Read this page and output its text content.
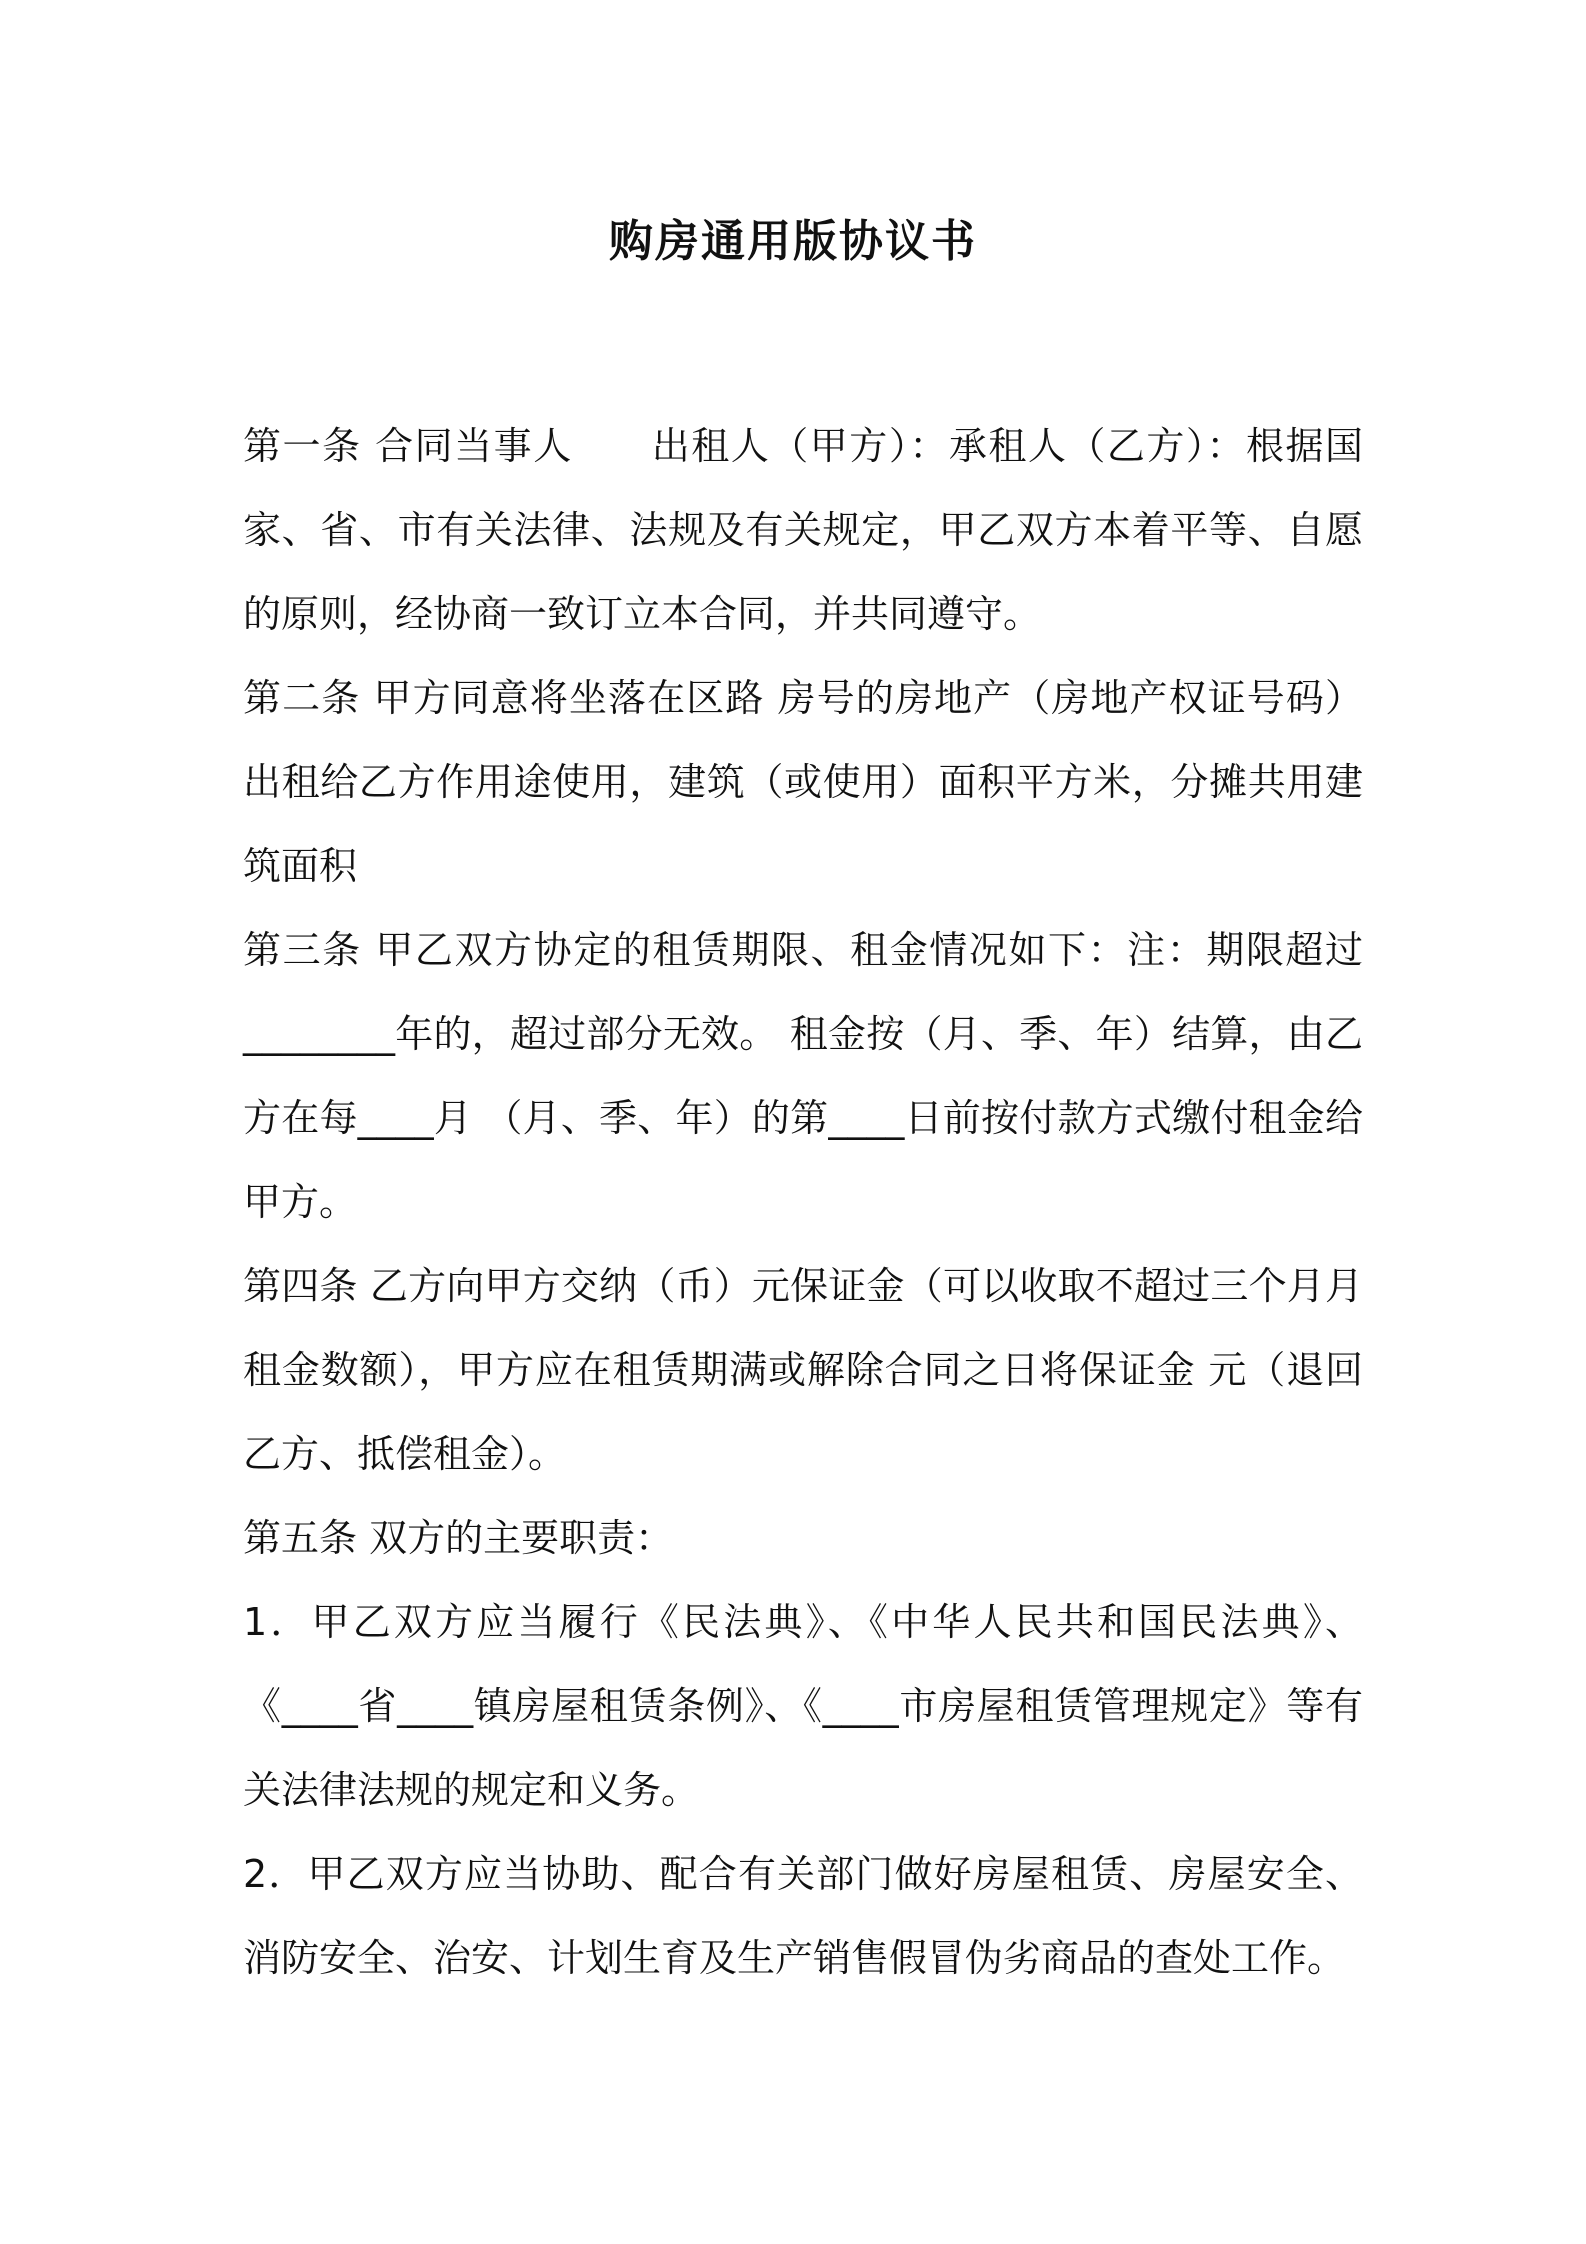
购房通用版协议书

第一条 合同当事人　　出租人（甲方）：承租人（乙方）：根据国家、省、市有关法律、法规及有关规定，甲乙双方本着平等、自愿的原则，经协商一致订立本合同，并共同遵守。

第二条 甲方同意将坐落在区路 房号的房地产（房地产权证号码）出租给乙方作用途使用，建筑（或使用）面积平方米，分摊共用建筑面积

第三条 甲乙双方协定的租赁期限、租金情况如下：注：期限超过________年的，超过部分无效。 租金按（月、季、年）结算，由乙方在每____月 （月、季、年）的第____日前按付款方式缴付租金给甲方。

第四条 乙方向甲方交纳（币）元保证金（可以收取不超过三个月月租金数额），甲方应在租赁期满或解除合同之日将保证金 元（退回乙方、抵偿租金）。

第五条 双方的主要职责：

1．甲乙双方应当履行《民法典》、《中华人民共和国民法典》、《____省____镇房屋租赁条例》、《____市房屋租赁管理规定》等有关法律法规的规定和义务。

2．甲乙双方应当协助、配合有关部门做好房屋租赁、房屋安全、消防安全、治安、计划生育及生产销售假冒伪劣商品的查处工作。
